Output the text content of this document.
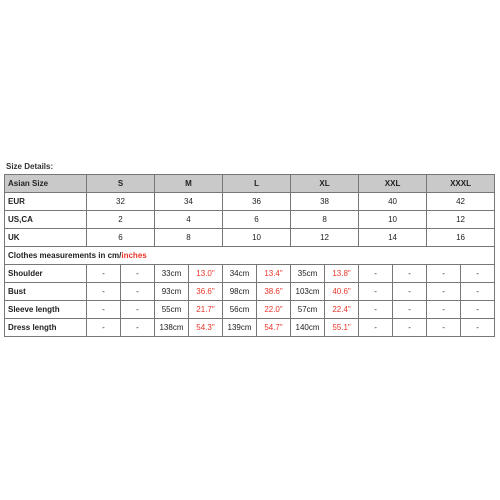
Size Details:
Asian Size	S		M		L		XL		XXL		XXXL	
EUR	32		34		36		38		40		42	
US,CA	2		4		6		8		10		12	
UK	6		8		10		12		14		16	
Clothes measurements in cm/inches												
Shoulder	-	-	33cm	13.0"	34cm	13.4"	35cm	13.8"	-	-	-	-
Bust	-	-	93cm	36.6"	98cm	38.6"	103cm	40.6"	-	-	-	-
Sleeve length	-	-	55cm	21.7"	56cm	22.0"	57cm	22.4"	-	-	-	-
Dress length	-	-	138cm	54.3"	139cm	54.7"	140cm	55.1"	-	-	-	-
